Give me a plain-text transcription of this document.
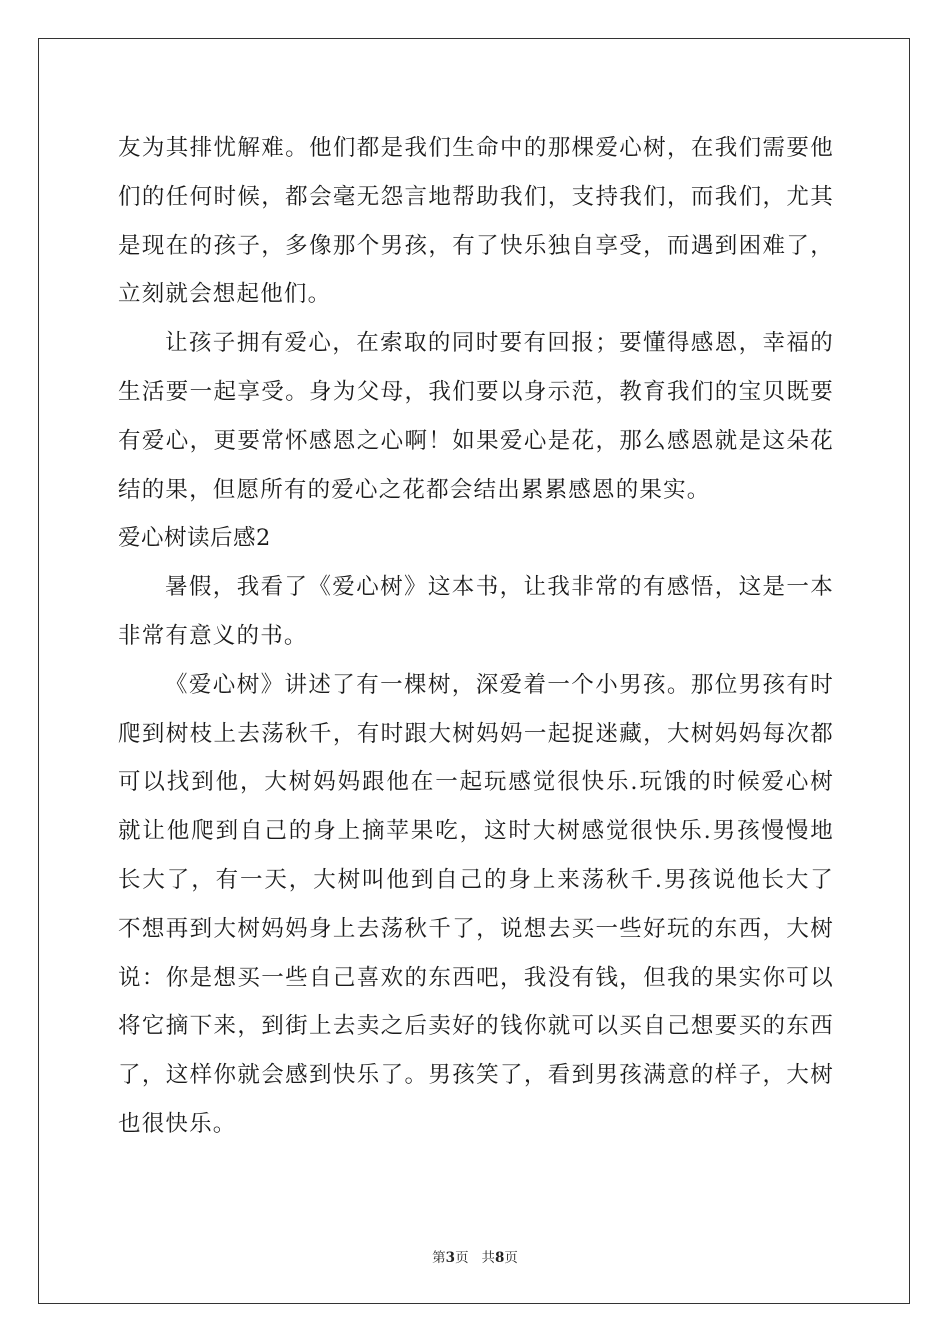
友为其排忧解难。他们都是我们生命中的那棵爱心树，在我们需要他们的任何时候，都会毫无怨言地帮助我们，支持我们，而我们，尤其是现在的孩子，多像那个男孩，有了快乐独自享受，而遇到困难了，立刻就会想起他们。

让孩子拥有爱心，在索取的同时要有回报；要懂得感恩，幸福的生活要一起享受。身为父母，我们要以身示范，教育我们的宝贝既要有爱心，更要常怀感恩之心啊！如果爱心是花，那么感恩就是这朵花结的果，但愿所有的爱心之花都会结出累累感恩的果实。

爱心树读后感2

暑假，我看了《爱心树》这本书，让我非常的有感悟，这是一本非常有意义的书。

《爱心树》讲述了有一棵树，深爱着一个小男孩。那位男孩有时爬到树枝上去荡秋千，有时跟大树妈妈一起捉迷藏，大树妈妈每次都可以找到他，大树妈妈跟他在一起玩感觉很快乐.玩饿的时候爱心树就让他爬到自己的身上摘苹果吃，这时大树感觉很快乐.男孩慢慢地长大了，有一天，大树叫他到自己的身上来荡秋千.男孩说他长大了不想再到大树妈妈身上去荡秋千了，说想去买一些好玩的东西，大树说：你是想买一些自己喜欢的东西吧，我没有钱，但我的果实你可以将它摘下来，到街上去卖之后卖好的钱你就可以买自己想要买的东西了，这样你就会感到快乐了。男孩笑了，看到男孩满意的样子，大树也很快乐。

第3页 共8页
